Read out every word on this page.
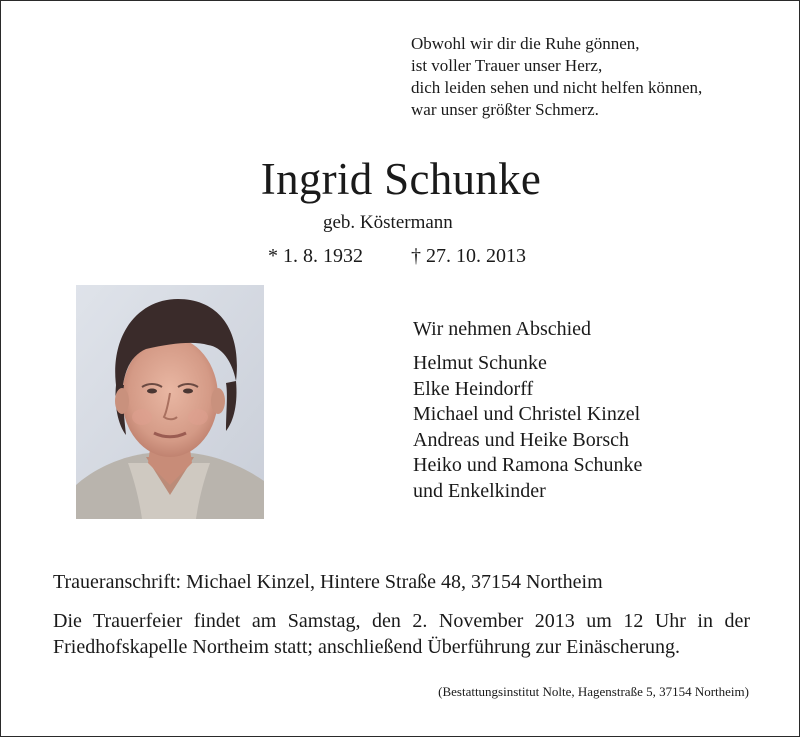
Obwohl wir dir die Ruhe gönnen,
ist voller Trauer unser Herz,
dich leiden sehen und nicht helfen können,
war unser größter Schmerz.
Ingrid Schunke
geb. Köstermann
* 1. 8. 1932 † 27. 10. 2013
Wir nehmen Abschied
Helmut Schunke
Elke Heindorff
Michael und Christel Kinzel
Andreas und Heike Borsch
Heiko und Ramona Schunke
und Enkelkinder
Traueranschrift: Michael Kinzel, Hintere Straße 48, 37154 Northeim
Die Trauerfeier findet am Samstag, den 2. November 2013 um 12 Uhr in der Friedhofskapelle Northeim statt; anschließend Überführung zur Einäscherung.
(Bestattungsinstitut Nolte, Hagenstraße 5, 37154 Northeim)
